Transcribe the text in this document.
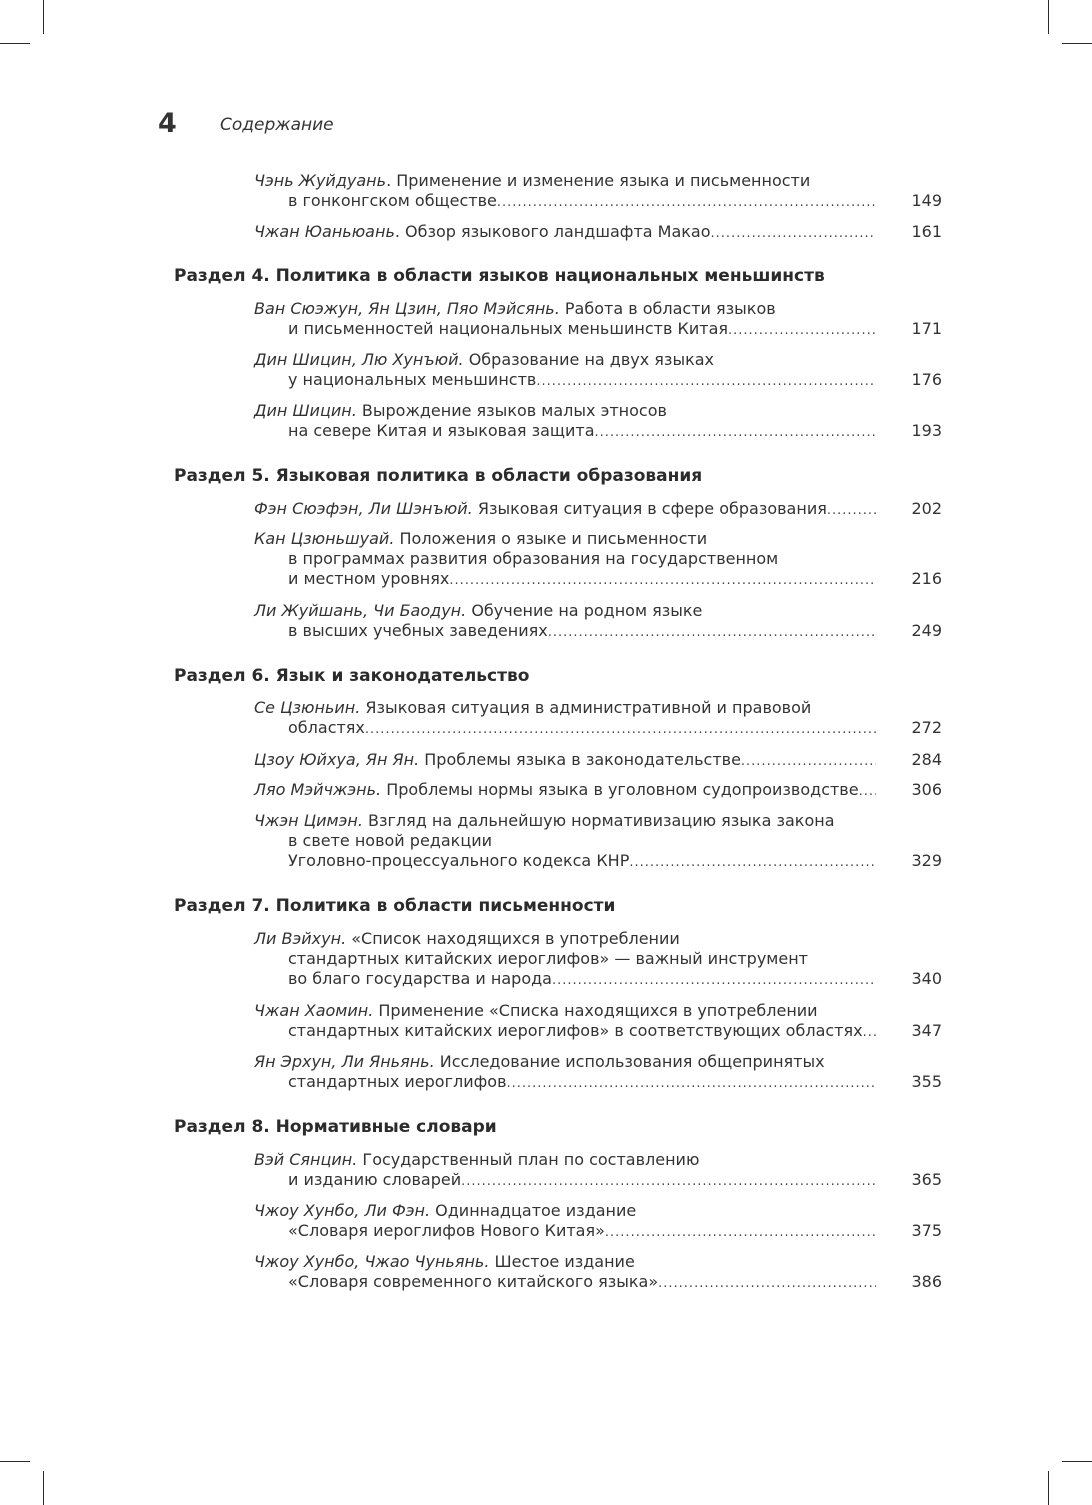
4	Содержание
Чэнь Жуйдуань. Применение и изменение языка и письменности
в гонконгском обществе .....	149
Чжан Юаньюань. Обзор языкового ландшафта Макао .....	161
Раздел 4. Политика в области языков национальных меньшинств
Ван Сюэжун, Ян Цзин, Пяо Мэйсянь. Работа в области языков
и письменностей национальных меньшинств Китая .....	171
Дин Шицин, Лю Хунъюй. Образование на двух языках
у национальных меньшинств .....	176
Дин Шицин. Вырождение языков малых этносов
на севере Китая и языковая защита .....	193
Раздел 5. Языковая политика в области образования
Фэн Сюэфэн, Ли Шэнъюй. Языковая ситуация в сфере образования .....	202
Кан Цзюньшуай. Положения о языке и письменности
в программах развития образования на государственном
и местном уровнях .....	216
Ли Жуйшань, Чи Баодун. Обучение на родном языке
в высших учебных заведениях .....	249
Раздел 6. Язык и законодательство
Се Цзюньин. Языковая ситуация в административной и правовой
областях .....	272
Цзоу Юйхуа, Ян Ян. Проблемы языка в законодательстве .....	284
Ляо Мэйчжэнь. Проблемы нормы языка в уголовном судопроизводстве .....	306
Чжэн Цимэн. Взгляд на дальнейшую нормативизацию языка закона
в свете новой редакции
Уголовно-процессуального кодекса КНР .....	329
Раздел 7. Политика в области письменности
Ли Вэйхун. «Список находящихся в употреблении
стандартных китайских иероглифов» — важный инструмент
во благо государства и народа .....	340
Чжан Хаомин. Применение «Списка находящихся в употреблении
стандартных китайских иероглифов» в соответствующих областях .....	347
Ян Эрхун, Ли Яньянь. Исследование использования общепринятых
стандартных иероглифов .....	355
Раздел 8. Нормативные словари
Вэй Сянцин. Государственный план по составлению
и изданию словарей .....	365
Чжоу Хунбо, Ли Фэн. Одиннадцатое издание
«Словаря иероглифов Нового Китая» .....	375
Чжоу Хунбо, Чжао Чуньянь. Шестое издание
«Словаря современного китайского языка» .....	386
